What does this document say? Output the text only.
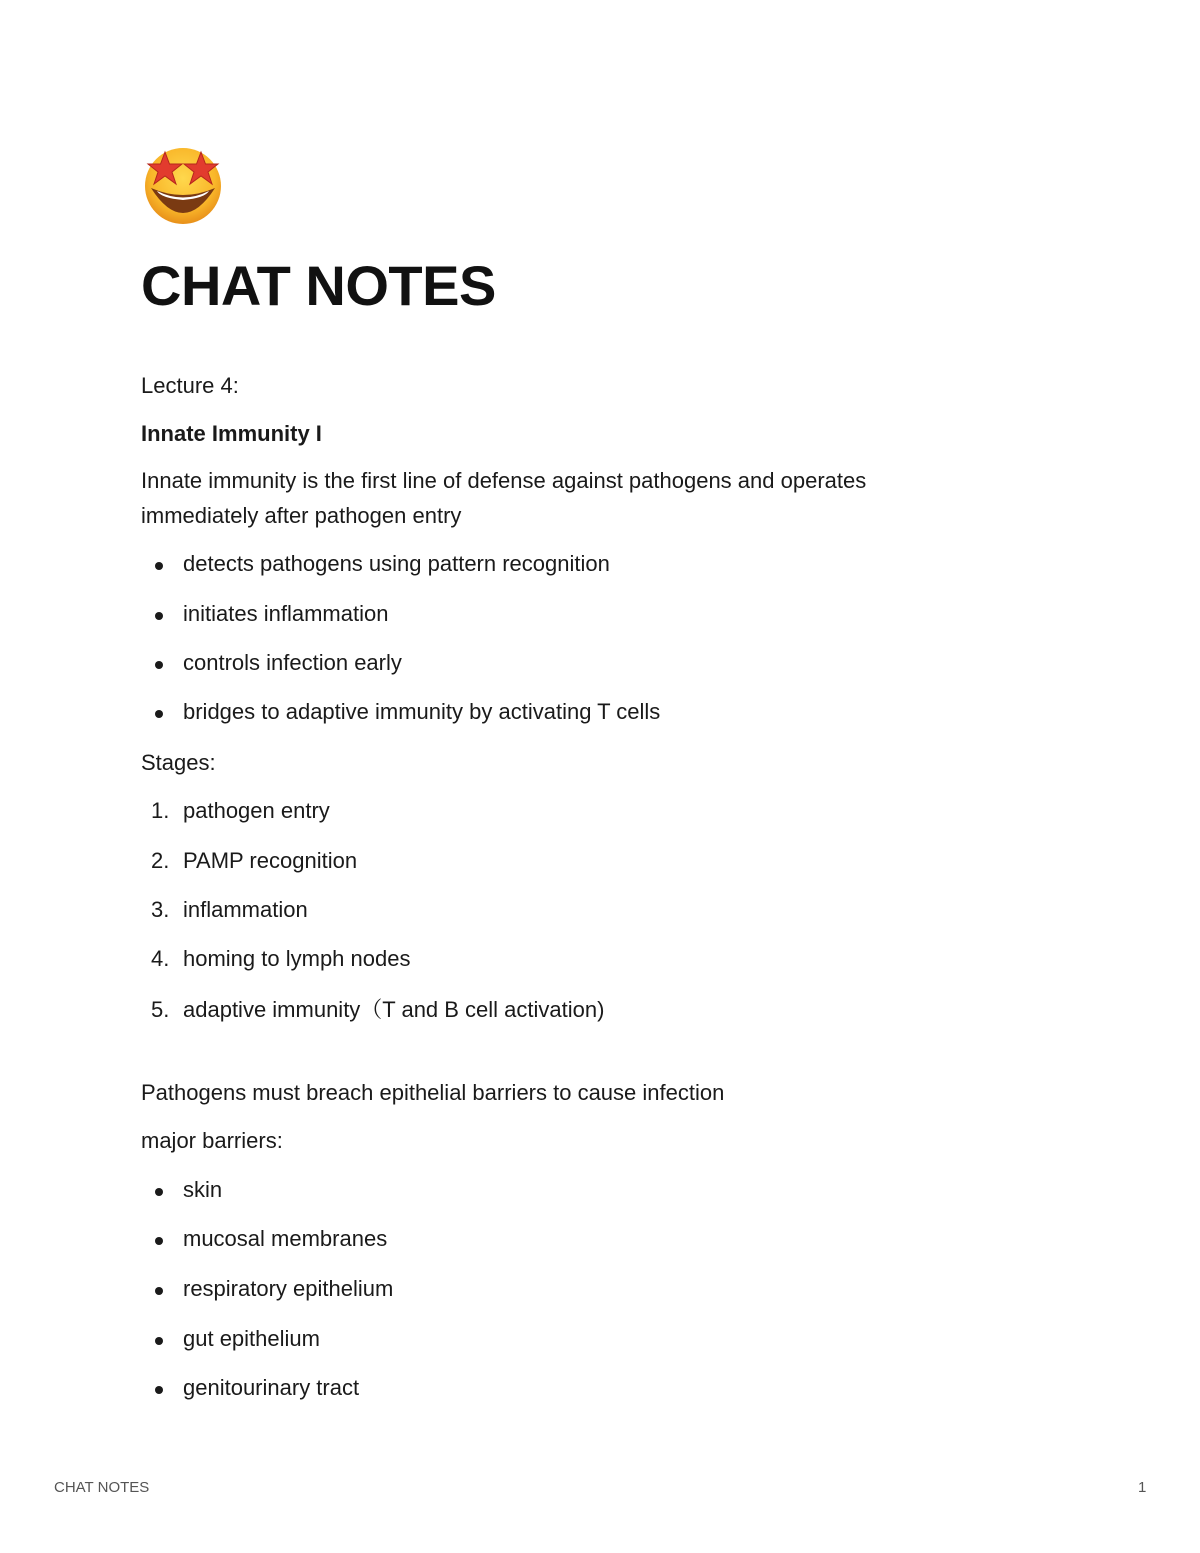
CHAT NOTES

Lecture 4:

Innate Immunity I

Innate immunity is the first line of defense against pathogens and operates

immediately after pathogen entry

detects pathogens using pattern recognition
initiates inflammation
controls infection early
bridges to adaptive immunity by activating T cells

Stages:

1. pathogen entry
2. PAMP recognition
3. inflammation
4. homing to lymph nodes
5. adaptive immunity（T and B cell activation)

Pathogens must breach epithelial barriers to cause infection

major barriers:

skin
mucosal membranes
respiratory epithelium
gut epithelium
genitourinary tract
CHAT NOTES	1
